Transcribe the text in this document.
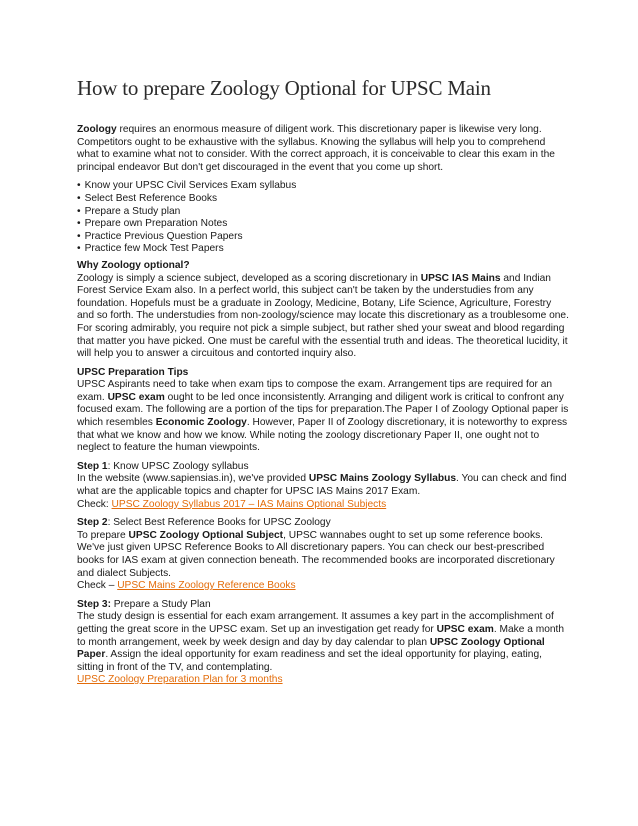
How to prepare Zoology Optional for UPSC Main

Zoology requires an enormous measure of diligent work. This discretionary paper is likewise very long. Competitors ought to be exhaustive with the syllabus. Knowing the syllabus will help you to comprehend what to examine what not to consider. With the correct approach, it is conceivable to clear this exam in the principal endeavor But don't get discouraged in the event that you come up short.

• Know your UPSC Civil Services Exam syllabus
• Select Best Reference Books
• Prepare a Study plan
• Prepare own Preparation Notes
• Practice Previous Question Papers
• Practice few Mock Test Papers

Why Zoology optional?

Zoology is simply a science subject, developed as a scoring discretionary in UPSC IAS Mains and Indian Forest Service Exam also. In a perfect world, this subject can't be taken by the understudies from any foundation. Hopefuls must be a graduate in Zoology, Medicine, Botany, Life Science, Agriculture, Forestry and so forth. The understudies from non-zoology/science may locate this discretionary as a troublesome one. For scoring admirably, you require not pick a simple subject, but rather shed your sweat and blood regarding that matter you have picked. One must be careful with the essential truth and ideas. The theoretical lucidity, it will help you to answer a circuitous and contorted inquiry also.

UPSC Preparation Tips

UPSC Aspirants need to take when exam tips to compose the exam. Arrangement tips are required for an exam. UPSC exam ought to be led once inconsistently. Arranging and diligent work is critical to confront any focused exam. The following are a portion of the tips for preparation.The Paper I of Zoology Optional paper is which resembles Economic Zoology. However, Paper II of Zoology discretionary, it is noteworthy to express that what we know and how we know. While noting the zoology discretionary Paper II, one ought not to neglect to feature the human viewpoints.

Step 1: Know UPSC Zoology syllabus

In the website (www.sapiensias.in), we've provided UPSC Mains Zoology Syllabus. You can check and find what are the applicable topics and chapter for UPSC IAS Mains 2017 Exam.

Check: UPSC Zoology Syllabus 2017 – IAS Mains Optional Subjects

Step 2: Select Best Reference Books for UPSC Zoology

To prepare UPSC Zoology Optional Subject, UPSC wannabes ought to set up some reference books. We've just given UPSC Reference Books to All discretionary papers. You can check our best-prescribed books for IAS exam at given connection beneath. The recommended books are incorporated discretionary and dialect Subjects.

Check – UPSC Mains Zoology Reference Books

Step 3: Prepare a Study Plan

The study design is essential for each exam arrangement. It assumes a key part in the accomplishment of getting the great score in the UPSC exam. Set up an investigation get ready for UPSC exam. Make a month to month arrangement, week by week design and day by day calendar to plan UPSC Zoology Optional Paper. Assign the ideal opportunity for exam readiness and set the ideal opportunity for playing, eating, sitting in front of the TV, and contemplating.

UPSC Zoology Preparation Plan for 3 months
